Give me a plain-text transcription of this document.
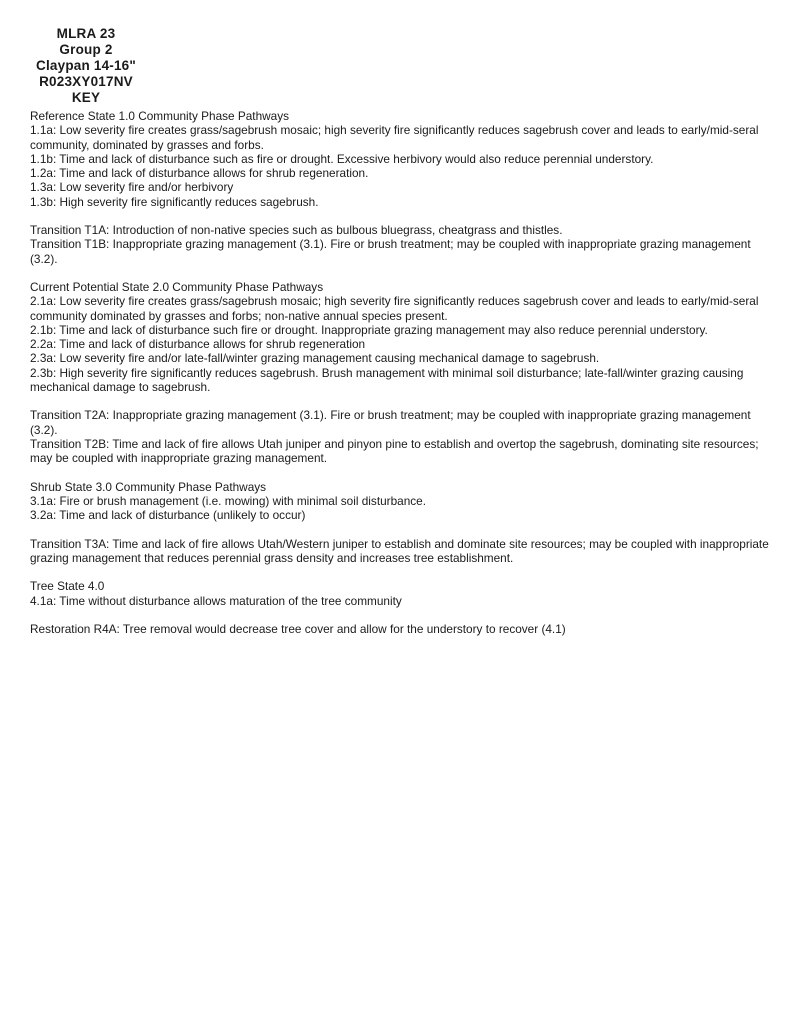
MLRA 23
Group 2
Claypan 14-16"
R023XY017NV
KEY
Reference State 1.0 Community Phase Pathways
1.1a: Low severity fire creates grass/sagebrush mosaic; high severity fire significantly reduces sagebrush cover and leads to early/mid-seral community, dominated by grasses and forbs.
1.1b: Time and lack of disturbance such as fire or drought. Excessive herbivory would also reduce perennial understory.
1.2a: Time and lack of disturbance allows for shrub regeneration.
1.3a: Low severity fire and/or herbivory
1.3b: High severity fire significantly reduces sagebrush.
Transition T1A: Introduction of non-native species such as bulbous bluegrass, cheatgrass and thistles.
Transition T1B: Inappropriate grazing management (3.1). Fire or brush treatment; may be coupled with inappropriate grazing management (3.2).
Current Potential State 2.0 Community Phase Pathways
2.1a: Low severity fire creates grass/sagebrush mosaic; high severity fire significantly reduces sagebrush cover and leads to early/mid-seral community dominated by grasses and forbs; non-native annual species present.
2.1b: Time and lack of disturbance such fire or drought. Inappropriate grazing management may also reduce perennial understory.
2.2a: Time and lack of disturbance allows for shrub regeneration
2.3a: Low severity fire and/or late-fall/winter grazing management causing mechanical damage to sagebrush.
2.3b: High severity fire significantly reduces sagebrush. Brush management with minimal soil disturbance; late-fall/winter grazing causing mechanical damage to sagebrush.
Transition T2A: Inappropriate grazing management (3.1). Fire or brush treatment; may be coupled with inappropriate grazing management (3.2).
Transition T2B: Time and lack of fire allows Utah juniper and pinyon pine to establish and overtop the sagebrush, dominating site resources; may be coupled with inappropriate grazing management.
Shrub State 3.0 Community Phase Pathways
3.1a: Fire or brush management (i.e. mowing) with minimal soil disturbance.
3.2a: Time and lack of disturbance (unlikely to occur)
Transition T3A: Time and lack of fire allows Utah/Western juniper to establish and dominate site resources; may be coupled with inappropriate grazing management that reduces perennial grass density and increases tree establishment.
Tree State 4.0
4.1a: Time without disturbance allows maturation of the tree community
Restoration R4A: Tree removal would decrease tree cover and allow for the understory to recover (4.1)
